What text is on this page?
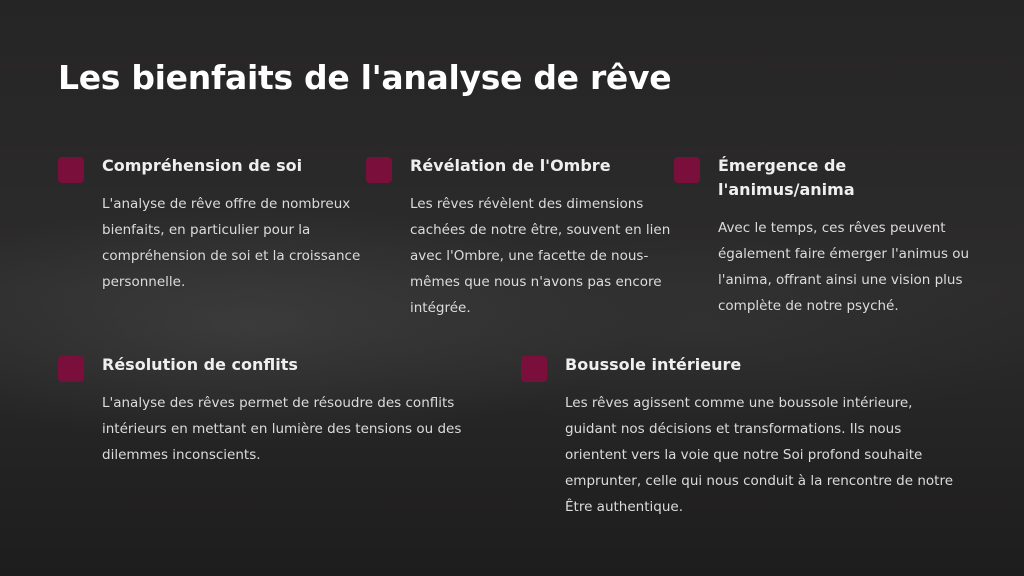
Les bienfaits de l'analyse de rêve
Compréhension de soi

L'analyse de rêve offre de nombreux bienfaits, en particulier pour la compréhension de soi et la croissance personnelle.

Révélation de l'Ombre

Les rêves révèlent des dimensions cachées de notre être, souvent en lien avec l'Ombre, une facette de nous-mêmes que nous n'avons pas encore intégrée.

Émergence de l'animus/anima

Avec le temps, ces rêves peuvent également faire émerger l'animus ou l'anima, offrant ainsi une vision plus complète de notre psyché.

Résolution de conflits

L'analyse des rêves permet de résoudre des conflits intérieurs en mettant en lumière des tensions ou des dilemmes inconscients.

Boussole intérieure

Les rêves agissent comme une boussole intérieure, guidant nos décisions et transformations. Ils nous orientent vers la voie que notre Soi profond souhaite emprunter, celle qui nous conduit à la rencontre de notre Être authentique.
